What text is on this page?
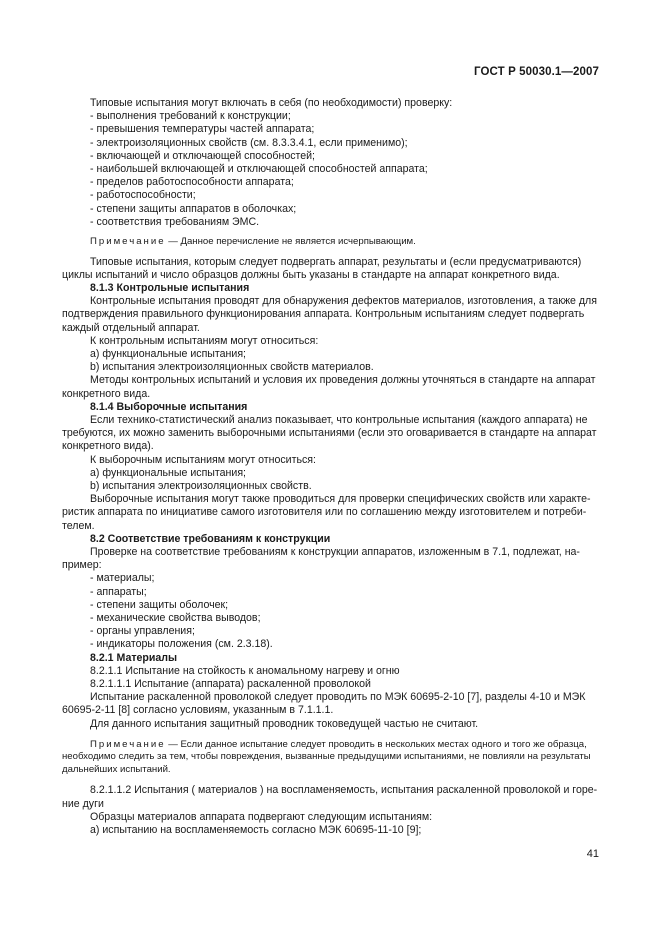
ГОСТ Р 50030.1—2007

Типовые испытания могут включать в себя (по необходимости) проверку:

- выполнения требований к конструкции;

- превышения температуры частей аппарата;

- электроизоляционных свойств (см. 8.3.3.4.1, если применимо);

- включающей и отключающей способностей;

- наибольшей включающей и отключающей способностей аппарата;

- пределов работоспособности аппарата;

- работоспособности;

- степени защиты аппаратов в оболочках;

- соответствия требованиям ЭМС.

Примечание — Данное перечисление не является исчерпывающим.

Типовые испытания, которым следует подвергать аппарат, результаты и (если предусматриваются) циклы испытаний и число образцов должны быть указаны в стандарте на аппарат конкретного вида.

8.1.3 Контрольные испытания

Контрольные испытания проводят для обнаружения дефектов материалов, изготовления, а также для подтверждения правильного функционирования аппарата. Контрольным испытаниям следует подвергать каждый отдельный аппарат.

К контрольным испытаниям могут относиться:

а) функциональные испытания;

b) испытания электроизоляционных свойств материалов.

Методы контрольных испытаний и условия их проведения должны уточняться в стандарте на аппарат конкретного вида.

8.1.4 Выборочные испытания

Если технико-статистический анализ показывает, что контрольные испытания (каждого аппарата) не требуются, их можно заменить выборочными испытаниями (если это оговаривается в стандарте на аппарат конкретного вида).

К выборочным испытаниям могут относиться:

а) функциональные испытания;

b) испытания электроизоляционных свойств.

Выборочные испытания могут также проводиться для проверки специфических свойств или характе-ристик аппарата по инициативе самого изготовителя или по соглашению между изготовителем и потреби-телем.

8.2 Соответствие требованиям к конструкции

Проверке на соответствие требованиям к конструкции аппаратов, изложенным в 7.1, подлежат, на-пример:

- материалы;

- аппараты;

- степени защиты оболочек;

- механические свойства выводов;

- органы управления;

- индикаторы положения (см. 2.3.18).

8.2.1 Материалы

8.2.1.1 Испытание на стойкость к аномальному нагреву и огню

8.2.1.1.1 Испытание (аппарата) раскаленной проволокой

Испытание раскаленной проволокой следует проводить по МЭК 60695-2-10 [7], разделы 4-10 и МЭК 60695-2-11 [8] согласно условиям, указанным в 7.1.1.1.

Для данного испытания защитный проводник токоведущей частью не считают.

Примечание — Если данное испытание следует проводить в нескольких местах одного и того же образца, необходимо следить за тем, чтобы повреждения, вызванные предыдущими испытаниями, не повлияли на результаты дальнейших испытаний.

8.2.1.1.2 Испытания ( материалов ) на воспламеняемость, испытания раскаленной проволокой и горе-ние дуги

Образцы материалов аппарата подвергают следующим испытаниям:

а) испытанию на воспламеняемость согласно МЭК 60695-11-10 [9];

41
